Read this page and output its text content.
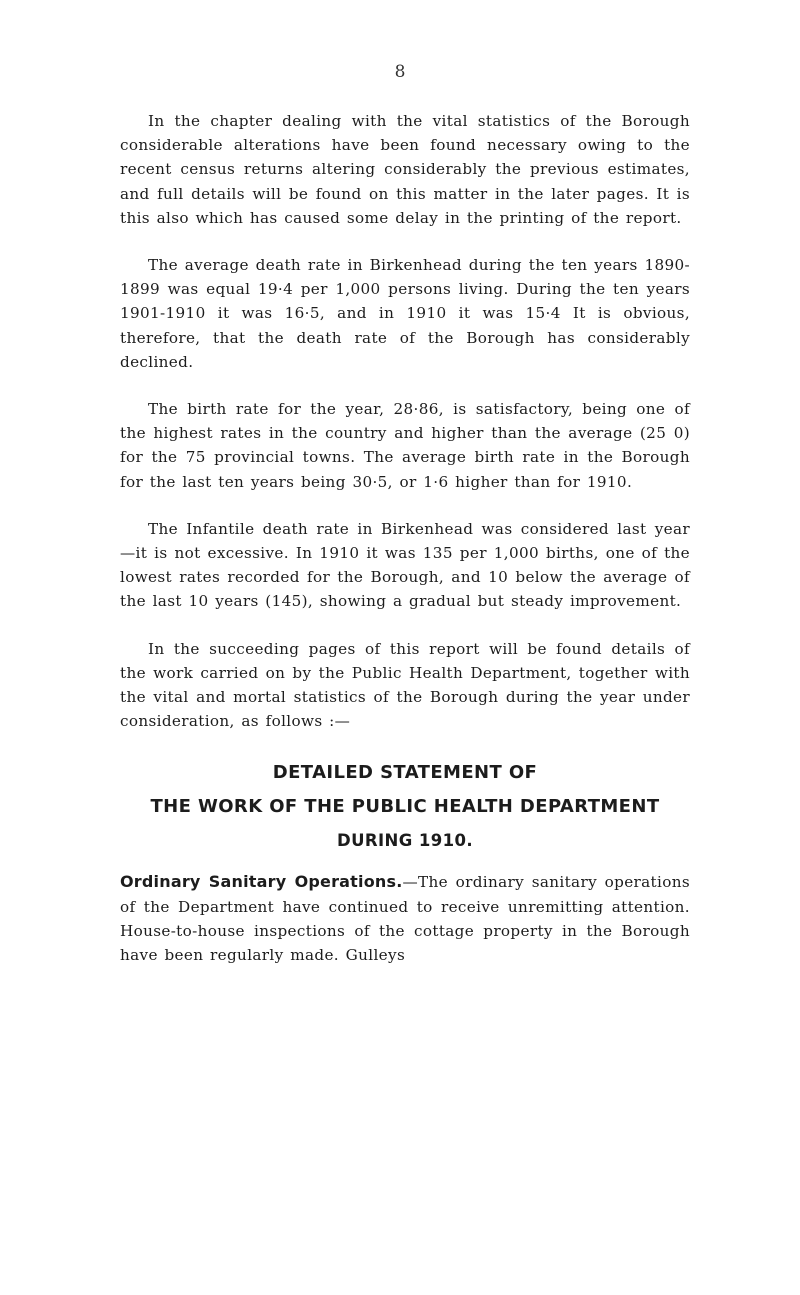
8

In the chapter dealing with the vital statistics of the Borough considerable alterations have been found necessary owing to the recent census returns altering considerably the previous estimates, and full details will be found on this matter in the later pages. It is this also which has caused some delay in the printing of the report.

The average death rate in Birkenhead during the ten years 1890-1899 was equal 19·4 per 1,000 persons living. During the ten years 1901-1910 it was 16·5, and in 1910 it was 15·4 It is obvious, therefore, that the death rate of the Borough has considerably declined.

The birth rate for the year, 28·86, is satisfactory, being one of the highest rates in the country and higher than the average (25 0) for the 75 provincial towns. The average birth rate in the Borough for the last ten years being 30·5, or 1·6 higher than for 1910.

The Infantile death rate in Birkenhead was considered last year—it is not excessive. In 1910 it was 135 per 1,000 births, one of the lowest rates recorded for the Borough, and 10 below the average of the last 10 years (145), showing a gradual but steady improvement.

In the succeeding pages of this report will be found details of the work carried on by the Public Health Department, together with the vital and mortal statistics of the Borough during the year under consideration, as follows :—

DETAILED STATEMENT OF
THE WORK OF THE PUBLIC HEALTH DEPARTMENT
DURING 1910.

Ordinary Sanitary Operations.—The ordinary sanitary operations of the Department have continued to receive unremitting attention. House-to-house inspections of the cottage property in the Borough have been regularly made. Gulleys
